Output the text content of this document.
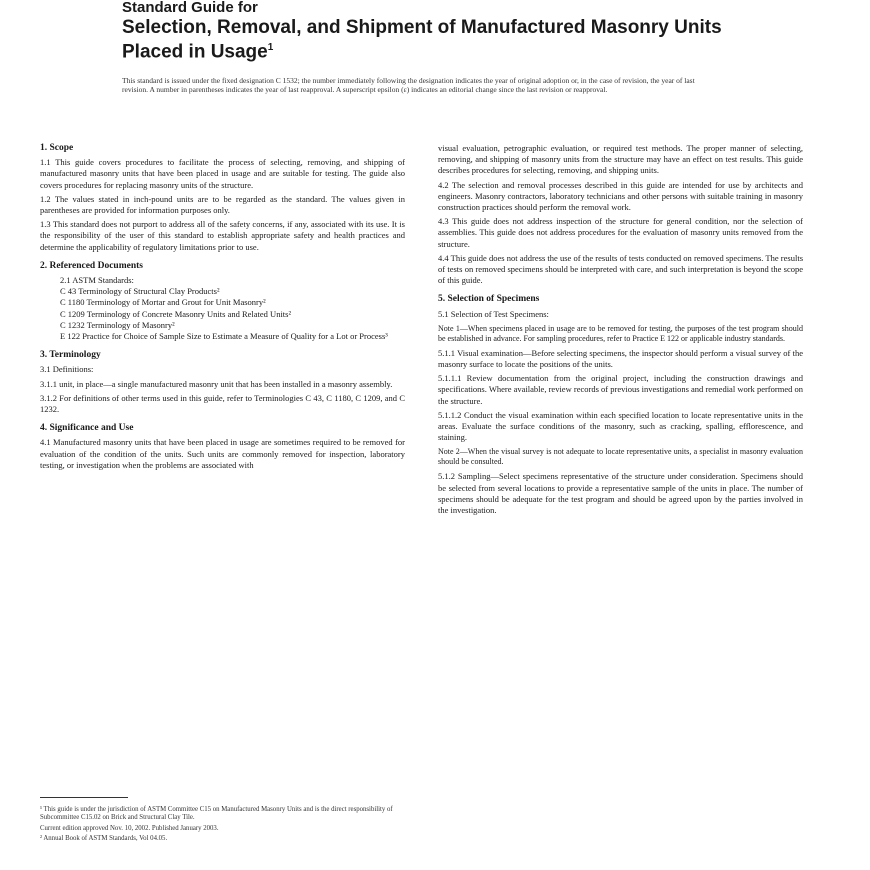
Standard Guide for
Selection, Removal, and Shipment of Manufactured Masonry Units Placed in Usage$^1$
This standard is issued under the fixed designation C 1532; the number immediately following the designation indicates the year of original adoption or, in the case of revision, the year of last revision. A number in parentheses indicates the year of last reapproval. A superscript epsilon (ε) indicates an editorial change since the last revision or reapproval.
1. Scope

1.1 This guide covers procedures to facilitate the process of selecting, removing, and shipping of manufactured masonry units that have been placed in usage and are suitable for testing. The guide also covers procedures for replacing masonry units of the structure.

1.2 The values stated in inch-pound units are to be regarded as the standard. The values given in parentheses are provided for information purposes only.

1.3 This standard does not purport to address all of the safety concerns, if any, associated with its use. It is the responsibility of the user of this standard to establish appropriate safety and health practices and determine the applicability of regulatory limitations prior to use.

2. Referenced Documents

2.1 ASTM Standards:

C 43 Terminology of Structural Clay Products²

C 1180 Terminology of Mortar and Grout for Unit Masonry²

C 1209 Terminology of Concrete Masonry Units and Related Units²

C 1232 Terminology of Masonry²

E 122 Practice for Choice of Sample Size to Estimate a Measure of Quality for a Lot or Process³

3. Terminology

3.1 Definitions:

3.1.1 unit, in place—a single manufactured masonry unit that has been installed in a masonry assembly.

3.1.2 For definitions of other terms used in this guide, refer to Terminologies C 43, C 1180, C 1209, and C 1232.

4. Significance and Use

4.1 Manufactured masonry units that have been placed in usage are sometimes required to be removed for evaluation of the condition of the units. Such units are commonly removed for inspection, laboratory testing, or investigation when the problems are associated with

visual evaluation, petrographic evaluation, or required test methods. The proper manner of selecting, removing, and shipping of masonry units from the structure may have an effect on test results. This guide describes procedures for selecting, removing, and shipping units.

4.2 The selection and removal processes described in this guide are intended for use by architects and engineers. Masonry contractors, laboratory technicians and other persons with suitable training in masonry construction practices should perform the removal work.

4.3 This guide does not address inspection of the structure for general condition, nor the selection of assemblies. This guide does not address procedures for the evaluation of masonry units removed from the structure.

4.4 This guide does not address the use of the results of tests conducted on removed specimens. The results of tests on removed specimens should be interpreted with care, and such interpretation is beyond the scope of this guide.

5. Selection of Specimens

5.1 Selection of Test Specimens:

Note 1—When specimens placed in usage are to be removed for testing, the purposes of the test program should be established in advance. For sampling procedures, refer to Practice E 122 or applicable industry standards.

5.1.1 Visual examination—Before selecting specimens, the inspector should perform a visual survey of the masonry surface to locate the positions of the units.

5.1.1.1 Review documentation from the original project, including the construction drawings and specifications. Where available, review records of previous investigations and remedial work performed on the structure.

5.1.1.2 Conduct the visual examination within each specified location to locate representative units in the areas. Evaluate the surface conditions of the masonry, such as cracking, spalling, efflorescence, and staining.

Note 2—When the visual survey is not adequate to locate representative units, a specialist in masonry evaluation should be consulted.

5.1.2 Sampling—Select specimens representative of the structure under consideration. Specimens should be selected from several locations to provide a representative sample of the units in place. The number of specimens should be adequate for the test program and should be agreed upon by the parties involved in the investigation.

¹ This guide is under the jurisdiction of ASTM Committee C15 on Manufactured Masonry Units and is the direct responsibility of Subcommittee C15.02 on Brick and Structural Clay Tile.

Current edition approved Nov. 10, 2002. Published January 2003.

² Annual Book of ASTM Standards, Vol 04.05.
